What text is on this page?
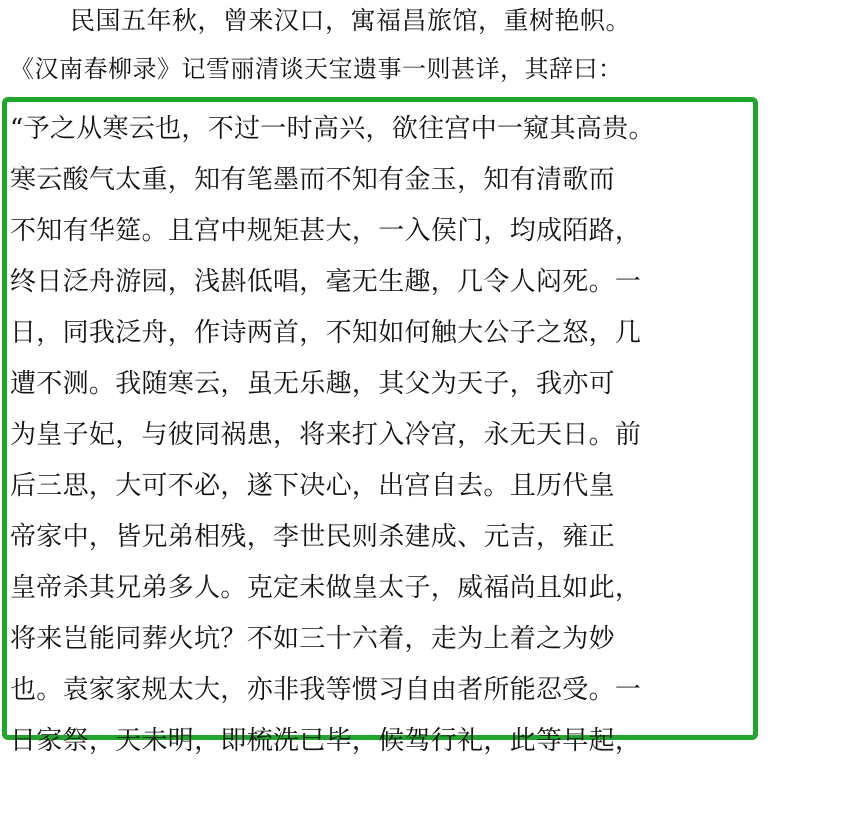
民国五年秋，曾来汉口，寓福昌旅馆，重树艳帜。
《汉南春柳录》记雪丽清谈天宝遗事一则甚详，其辞曰：
“予之从寒云也，不过一时高兴，欲往宫中一窥其高贵。
寒云酸气太重，知有笔墨而不知有金玉，知有清歌而
不知有华筵。且宫中规矩甚大，一入侯门，均成陌路，
终日泛舟游园，浅斟低唱，毫无生趣，几令人闷死。一
日，同我泛舟，作诗两首，不知如何触大公子之怒，几
遭不测。我随寒云，虽无乐趣，其父为天子，我亦可
为皇子妃，与彼同祸患，将来打入冷宫，永无天日。前
后三思，大可不必，遂下决心，出宫自去。且历代皇
帝家中，皆兄弟相残，李世民则杀建成、元吉，雍正
皇帝杀其兄弟多人。克定未做皇太子，威福尚且如此，
将来岂能同葬火坑？不如三十六着，走为上着之为妙
也。袁家家规太大，亦非我等惯习自由者所能忍受。一
日家祭，天未明，即梳洗已毕，候驾行礼，此等早起，
